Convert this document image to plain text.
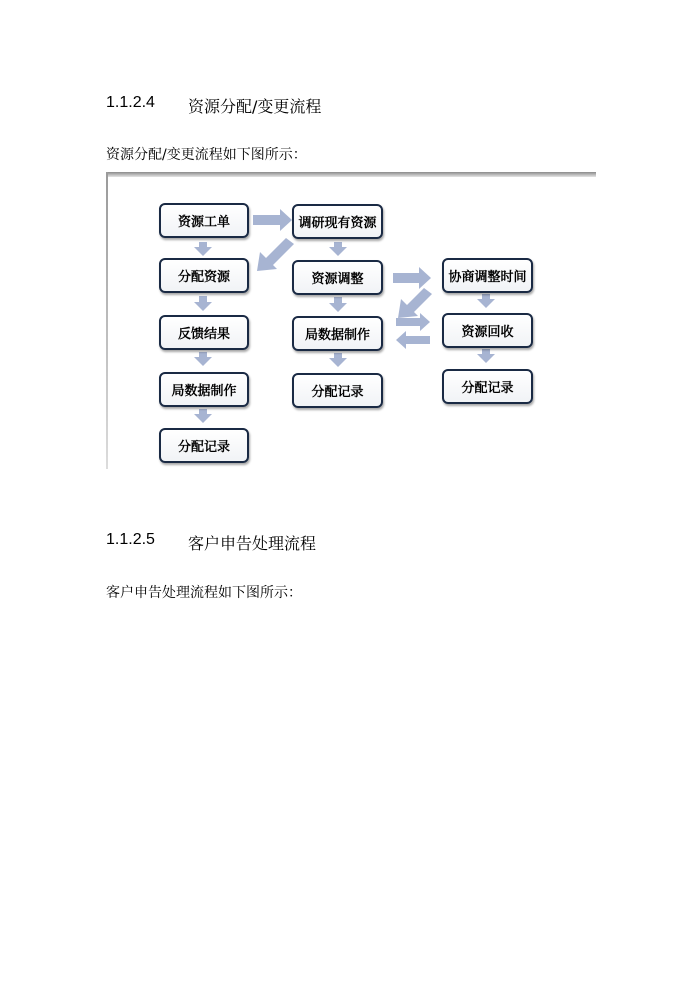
1.1.2.4	资源分配/变更流程
资源分配/变更流程如下图所示：
资源工单
分配资源
反馈结果
局数据制作
分配记录
调研现有资源
资源调整
局数据制作
分配记录
协商调整时间
资源回收
分配记录
1.1.2.5	客户申告处理流程
客户申告处理流程如下图所示：
